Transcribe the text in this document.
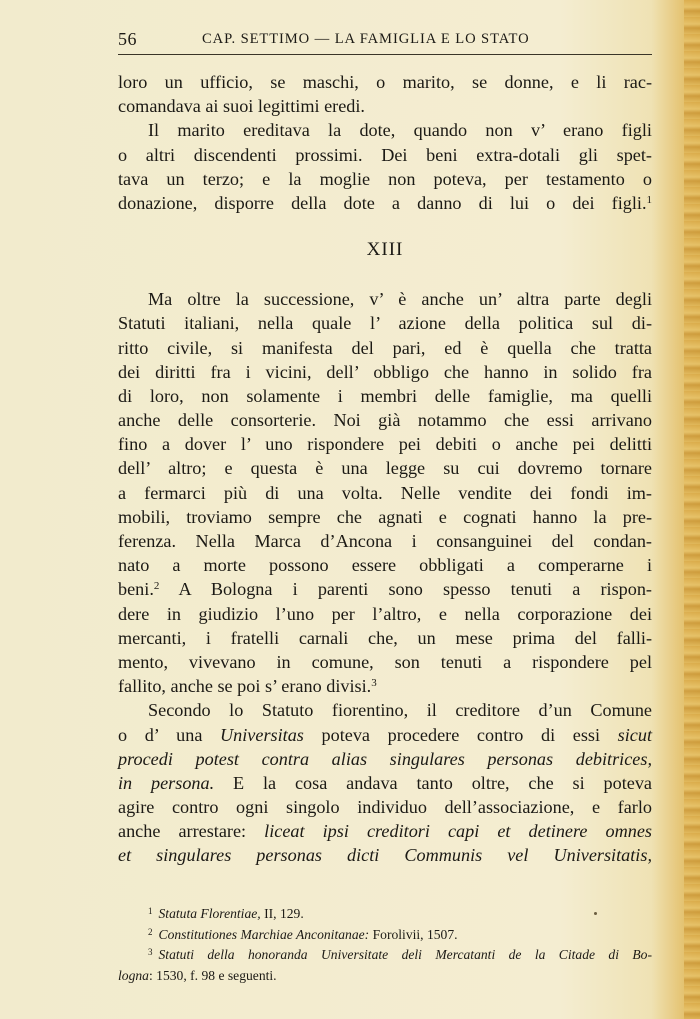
56	CAP. SETTIMO — LA FAMIGLIA E LO STATO
loro un ufficio, se maschi, o marito, se donne, e li rac-
comandava ai suoi legittimi eredi.
Il marito ereditava la dote, quando non v’ erano figli
o altri discendenti prossimi. Dei beni extra-dotali gli spet-
tava un terzo; e la moglie non poteva, per testamento o
donazione, disporre della dote a danno di lui o dei figli.$^1$
XIII
Ma oltre la successione, v’ è anche un’ altra parte degli
Statuti italiani, nella quale l’ azione della politica sul di-
ritto civile, si manifesta del pari, ed è quella che tratta
dei diritti fra i vicini, dell’ obbligo che hanno in solido fra
di loro, non solamente i membri delle famiglie, ma quelli
anche delle consorterie. Noi già notammo che essi arrivano
fino a dover l’ uno rispondere pei debiti o anche pei delitti
dell’ altro; e questa è una legge su cui dovremo tornare
a fermarci più di una volta. Nelle vendite dei fondi im-
mobili, troviamo sempre che agnati e cognati hanno la pre-
ferenza. Nella Marca d’Ancona i consanguinei del condan-
nato a morte possono essere obbligati a comperarne i
beni.$^2$ A Bologna i parenti sono spesso tenuti a rispon-
dere in giudizio l’uno per l’altro, e nella corporazione dei
mercanti, i fratelli carnali che, un mese prima del falli-
mento, vivevano in comune, son tenuti a rispondere pel
fallito, anche se poi s’ erano divisi.$^3$
Secondo lo Statuto fiorentino, il creditore d’un Comune
o d’ una Universitas poteva procedere contro di essi sicut
procedi potest contra alias singulares personas debitrices,
in persona. E la cosa andava tanto oltre, che si poteva
agire contro ogni singolo individuo dell’associazione, e farlo
anche arrestare: liceat ipsi creditori capi et detinere omnes
et singulares personas dicti Communis vel Universitatis,
$^1$ Statuta Florentiae, II, 129.
$^2$ Constitutiones Marchiae Anconitanae: Forolivii, 1507.
$^3$ Statuti della honoranda Universitate deli Mercatanti de la Citade di Bo-
logna: 1530, f. 98 e seguenti.
